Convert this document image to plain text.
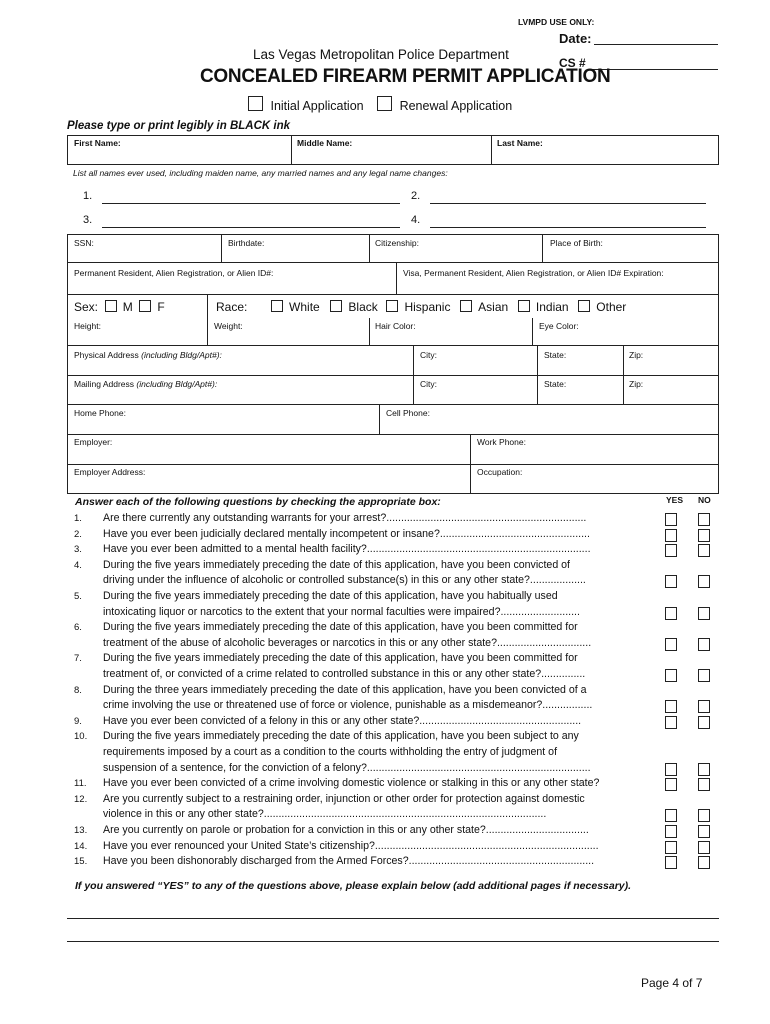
LVMPD USE ONLY:
Date:
Las Vegas Metropolitan Police Department
CS #
CONCEALED FIREARM PERMIT APPLICATION
Initial Application	Renewal Application
Please type or print legibly in BLACK ink
First Name:	Middle Name:	Last Name:
List all names ever used, including maiden name, any married names and any legal name changes:
1.	2.
3.	4.
SSN:	Birthdate:	Citizenship:	Place of Birth:
Permanent Resident, Alien Registration, or Alien ID#:	Visa, Permanent Resident, Alien Registration, or Alien ID# Expiration:
Sex: M F	Race:	White Black Hispanic Asian Indian Other
Height:	Weight:	Hair Color:	Eye Color:
Physical Address (including Bldg/Apt#):	City:	State:	Zip:
Mailing Address (including Bldg/Apt#):	City:	State:	Zip:
Home Phone:	Cell Phone:
Employer:	Work Phone:
Employer Address:	Occupation:
Answer each of the following questions by checking the appropriate box:	YES NO
1. Are there currently any outstanding warrants for your arrest?....................................................................
2. Have you ever been judicially declared mentally incompetent or insane?...................................................
3. Have you ever been admitted to a mental health facility?............................................................................
4. During the five years immediately preceding the date of this application, have you been convicted of
driving under the influence of alcoholic or controlled substance(s) in this or any other state?...................
5. During the five years immediately preceding the date of this application, have you habitually used
intoxicating liquor or narcotics to the extent that your normal faculties were impaired?...........................
6. During the five years immediately preceding the date of this application, have you been committed for
treatment of the abuse of alcoholic beverages or narcotics in this or any other state?................................
7. During the five years immediately preceding the date of this application, have you been committed for
treatment of, or convicted of a crime related to controlled substance in this or any other state?...............
8. During the three years immediately preceding the date of this application, have you been convicted of a
crime involving the use or threatened use of force or violence, punishable as a misdemeanor?.................
9. Have you ever been convicted of a felony in this or any other state?.......................................................
10. During the five years immediately preceding the date of this application, have you been subject to any
requirements imposed by a court as a condition to the courts withholding the entry of judgment of
suspension of a sentence, for the conviction of a felony?............................................................................
11. Have you ever been convicted of a crime involving domestic violence or stalking in this or any other state?
12. Are you currently subject to a restraining order, injunction or other order for protection against domestic
violence in this or any other state?................................................................................................
13. Are you currently on parole or probation for a conviction in this or any other state?...................................
14. Have you ever renounced your United State’s citizenship?............................................................................
15. Have you been dishonorably discharged from the Armed Forces?...............................................................
If you answered “YES” to any of the questions above, please explain below (add additional pages if necessary).
Page 4 of 7
